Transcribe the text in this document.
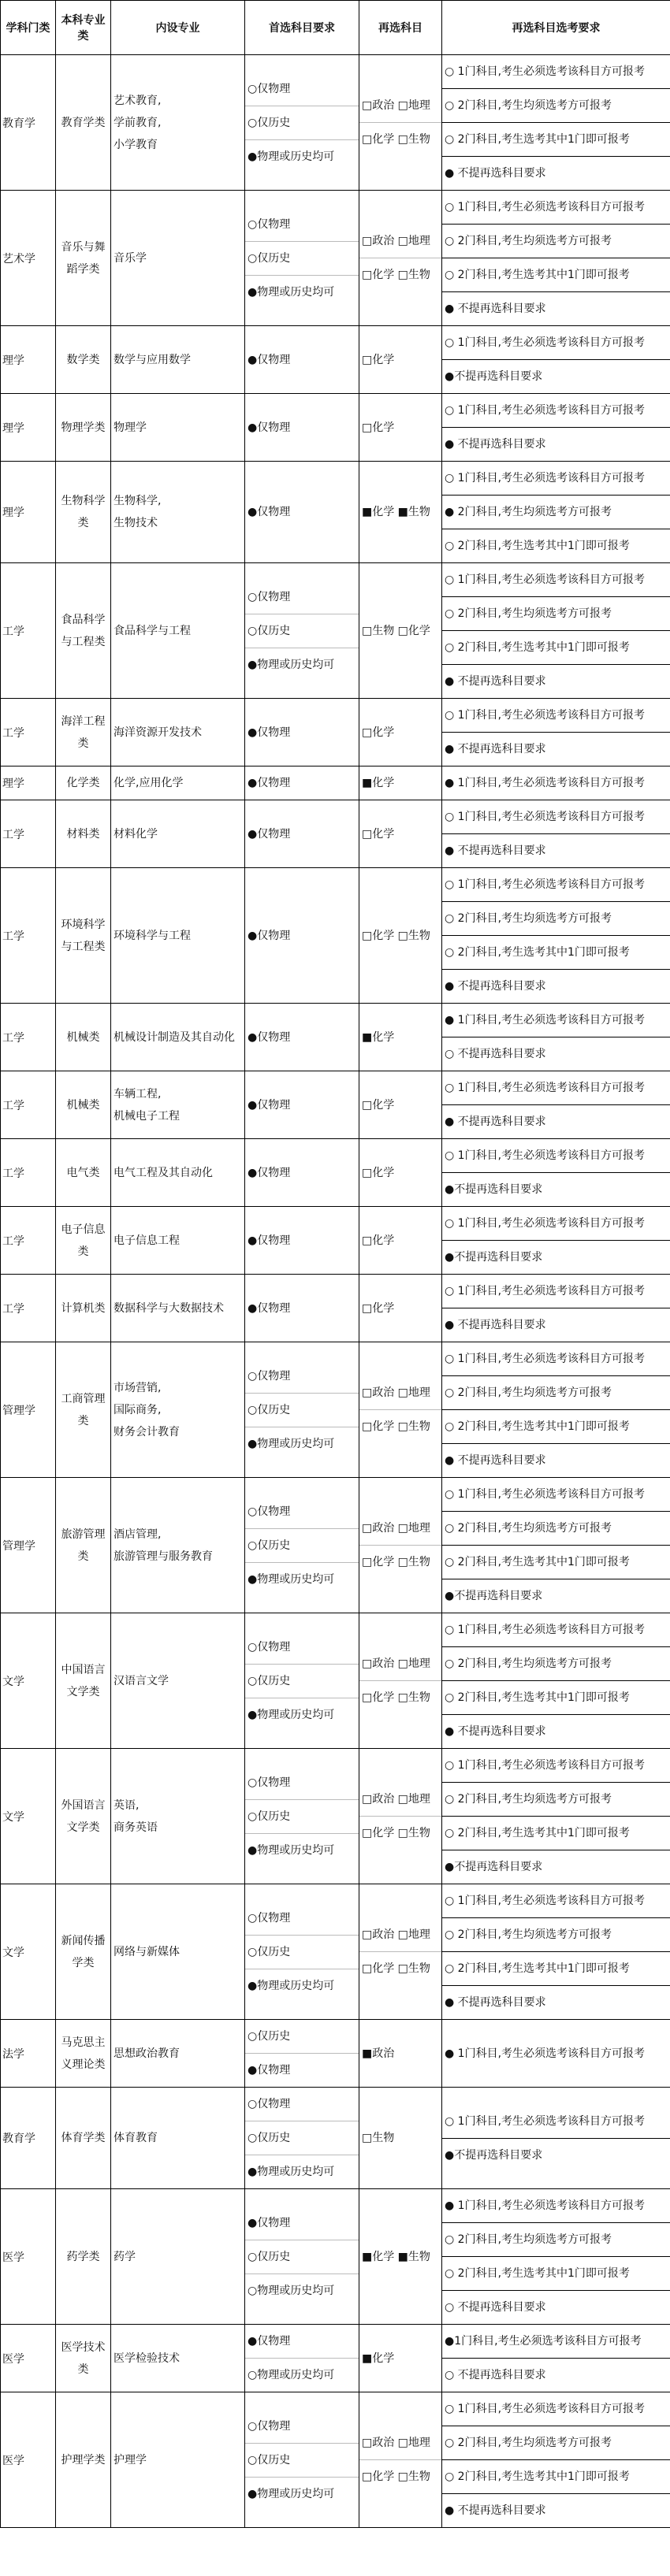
学科门类	本科专业类	内设专业	首选科目要求	再选科目	再选科目选考要求
教育学	教育学类	艺术教育,
学前教育,
小学教育	○仅物理
○仅历史
●物理或历史均可	□政治 □地理
□化学 □生物	○ 1门科目,考生必须选考该科目方可报考
○ 2门科目,考生均须选考方可报考
○ 2门科目,考生选考其中1门即可报考
● 不提再选科目要求

艺术学	音乐与舞蹈学类	音乐学	○仅物理
○仅历史
●物理或历史均可	□政治 □地理
□化学 □生物	○ 1门科目,考生必须选考该科目方可报考
○ 2门科目,考生均须选考方可报考
○ 2门科目,考生选考其中1门即可报考
● 不提再选科目要求

理学	数学类	数学与应用数学	●仅物理	□化学	○ 1门科目,考生必须选考该科目方可报考
●不提再选科目要求

理学	物理学类	物理学	●仅物理	□化学	○ 1门科目,考生必须选考该科目方可报考
● 不提再选科目要求

理学	生物科学类	生物科学,
生物技术	●仅物理	■化学 ■生物	○ 1门科目,考生必须选考该科目方可报考
● 2门科目,考生均须选考方可报考
○ 2门科目,考生选考其中1门即可报考

工学	食品科学与工程类	食品科学与工程	○仅物理
○仅历史
●物理或历史均可	□生物 □化学	○ 1门科目,考生必须选考该科目方可报考
○ 2门科目,考生均须选考方可报考
○ 2门科目,考生选考其中1门即可报考
● 不提再选科目要求

工学	海洋工程类	海洋资源开发技术	●仅物理	□化学	○ 1门科目,考生必须选考该科目方可报考
● 不提再选科目要求

理学	化学类	化学,应用化学	●仅物理	■化学	● 1门科目,考生必须选考该科目方可报考

工学	材料类	材料化学	●仅物理	□化学	○ 1门科目,考生必须选考该科目方可报考
● 不提再选科目要求

工学	环境科学与工程类	环境科学与工程	●仅物理	□化学 □生物	○ 1门科目,考生必须选考该科目方可报考
○ 2门科目,考生均须选考方可报考
○ 2门科目,考生选考其中1门即可报考
● 不提再选科目要求

工学	机械类	机械设计制造及其自动化	●仅物理	■化学	● 1门科目,考生必须选考该科目方可报考
○ 不提再选科目要求

工学	机械类	车辆工程,
机械电子工程	●仅物理	□化学	○ 1门科目,考生必须选考该科目方可报考
● 不提再选科目要求

工学	电气类	电气工程及其自动化	●仅物理	□化学	○ 1门科目,考生必须选考该科目方可报考
●不提再选科目要求

工学	电子信息类	电子信息工程	●仅物理	□化学	○ 1门科目,考生必须选考该科目方可报考
●不提再选科目要求

工学	计算机类	数据科学与大数据技术	●仅物理	□化学	○ 1门科目,考生必须选考该科目方可报考
● 不提再选科目要求

管理学	工商管理类	市场营销,
国际商务,
财务会计教育	○仅物理
○仅历史
●物理或历史均可	□政治 □地理
□化学 □生物	○ 1门科目,考生必须选考该科目方可报考
○ 2门科目,考生均须选考方可报考
○ 2门科目,考生选考其中1门即可报考
● 不提再选科目要求

管理学	旅游管理类	酒店管理,
旅游管理与服务教育	○仅物理
○仅历史
●物理或历史均可	□政治 □地理
□化学 □生物	○ 1门科目,考生必须选考该科目方可报考
○ 2门科目,考生均须选考方可报考
○ 2门科目,考生选考其中1门即可报考
●不提再选科目要求

文学	中国语言文学类	汉语言文学	○仅物理
○仅历史
●物理或历史均可	□政治 □地理
□化学 □生物	○ 1门科目,考生必须选考该科目方可报考
○ 2门科目,考生均须选考方可报考
○ 2门科目,考生选考其中1门即可报考
● 不提再选科目要求

文学	外国语言文学类	英语,
商务英语	○仅物理
○仅历史
●物理或历史均可	□政治 □地理
□化学 □生物	○ 1门科目,考生必须选考该科目方可报考
○ 2门科目,考生均须选考方可报考
○ 2门科目,考生选考其中1门即可报考
●不提再选科目要求

文学	新闻传播学类	网络与新媒体	○仅物理
○仅历史
●物理或历史均可	□政治 □地理
□化学 □生物	○ 1门科目,考生必须选考该科目方可报考
○ 2门科目,考生均须选考方可报考
○ 2门科目,考生选考其中1门即可报考
● 不提再选科目要求

法学	马克思主义理论类	思想政治教育	○仅历史
●仅物理	■政治	● 1门科目,考生必须选考该科目方可报考

教育学	体育学类	体育教育	○仅物理
○仅历史
●物理或历史均可	□生物	○ 1门科目,考生必须选考该科目方可报考
●不提再选科目要求

医学	药学类	药学	●仅物理
○仅历史
○物理或历史均可	■化学 ■生物	● 1门科目,考生必须选考该科目方可报考
○ 2门科目,考生均须选考方可报考
○ 2门科目,考生选考其中1门即可报考
○ 不提再选科目要求

医学	医学技术类	医学检验技术	●仅物理
○物理或历史均可	■化学	●1门科目,考生必须选考该科目方可报考
○ 不提再选科目要求

医学	护理学类	护理学	○仅物理
○仅历史
●物理或历史均可	□政治 □地理
□化学 □生物	○ 1门科目,考生必须选考该科目方可报考
○ 2门科目,考生均须选考方可报考
○ 2门科目,考生选考其中1门即可报考
● 不提再选科目要求
